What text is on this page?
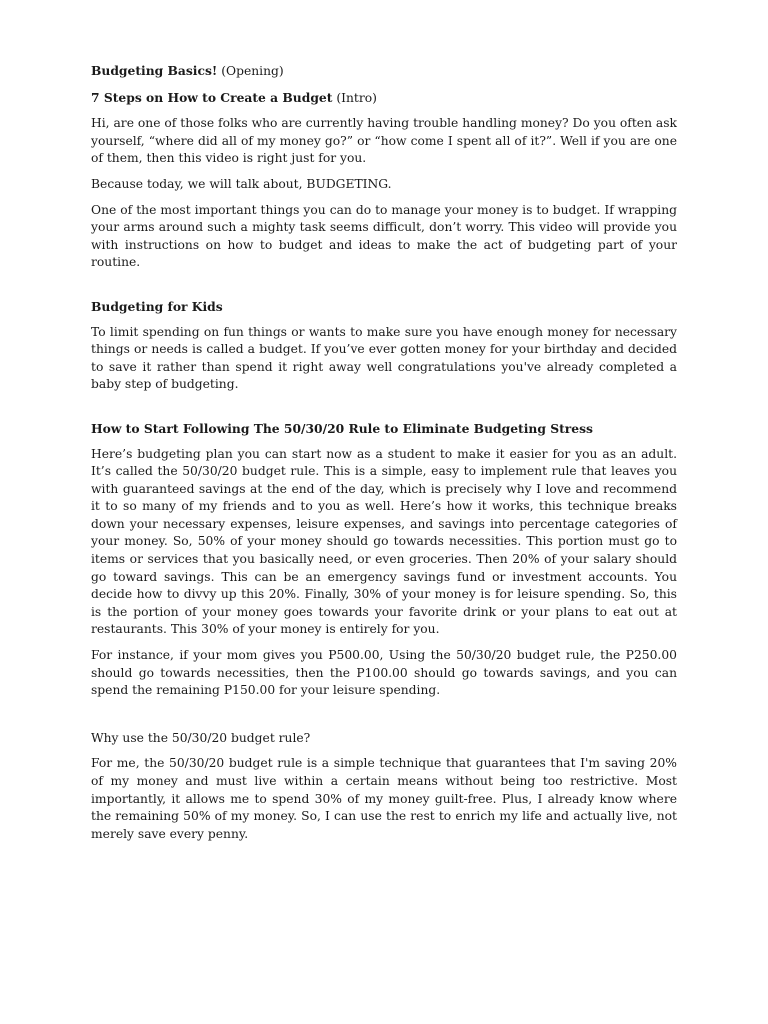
Budgeting Basics! (Opening)

7 Steps on How to Create a Budget (Intro)

Hi, are one of those folks who are currently having trouble handling money? Do you often ask yourself, “where did all of my money go?” or “how come I spent all of it?”. Well if you are one of them, then this video is right just for you.

Because today, we will talk about, BUDGETING.

One of the most important things you can do to manage your money is to budget. If wrapping your arms around such a mighty task seems difficult, don’t worry. This video will provide you with instructions on how to budget and ideas to make the act of budgeting part of your routine.

Budgeting for Kids

To limit spending on fun things or wants to make sure you have enough money for necessary things or needs is called a budget. If you’ve ever gotten money for your birthday and decided to save it rather than spend it right away well congratulations you've already completed a baby step of budgeting.

How to Start Following The 50/30/20 Rule to Eliminate Budgeting Stress

Here’s budgeting plan you can start now as a student to make it easier for you as an adult. It’s called the 50/30/20 budget rule. This is a simple, easy to implement rule that leaves you with guaranteed savings at the end of the day, which is precisely why I love and recommend it to so many of my friends and to you as well. Here’s how it works, this technique breaks down your necessary expenses, leisure expenses, and savings into percentage categories of your money. So, 50% of your money should go towards necessities. This portion must go to items or services that you basically need, or even groceries. Then 20% of your salary should go toward savings. This can be an emergency savings fund or investment accounts. You decide how to divvy up this 20%. Finally, 30% of your money is for leisure spending. So, this is the portion of your money goes towards your favorite drink or your plans to eat out at restaurants. This 30% of your money is entirely for you.

For instance, if your mom gives you P500.00, Using the 50/30/20 budget rule, the P250.00 should go towards necessities, then the P100.00 should go towards savings, and you can spend the remaining P150.00 for your leisure spending.

Why use the 50/30/20 budget rule?

For me, the 50/30/20 budget rule is a simple technique that guarantees that I'm saving 20% of my money and must live within a certain means without being too restrictive. Most importantly, it allows me to spend 30% of my money guilt-free. Plus, I already know where the remaining 50% of my money. So, I can use the rest to enrich my life and actually live, not merely save every penny.
